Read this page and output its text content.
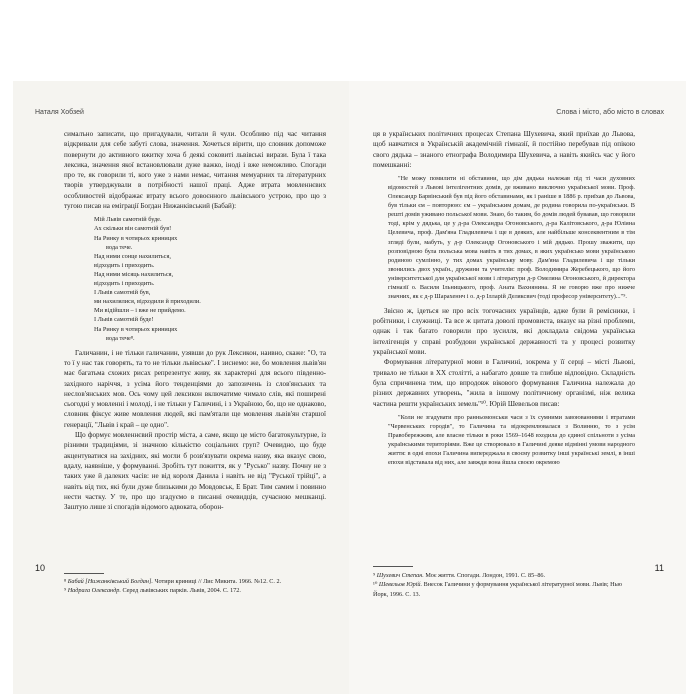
Наталя Хобзей	Слова і місто, або місто в словах

сималъно записати, що пригадували, читали й чули. Особливо під час читання відкривали для себе забуті слова, значення. Хочеться вірити, що словник допоможе повернути до активного вжитку хоча б деякі соковиті львівські вирази. Була ї така лексика, значення якої встановлювали дуже важко, іноді і вже неможливо. Спогади про те, як говорили ті, кого уже з нами немає, читання мемуарних та літературних творів утверджували в потрібності нашої праці. Адже втрата мовленнєвих особливостей відображає втрату всього довоєнного львівського устрою, про що з тугою писав на еміграції Богдан Нижанківський (Бабай):

Мій Львів самотній буде.
Ах скільки він самотній був!
На Ринку в чотирьох криницях
вода тече.
Над ними сонце нахилиться,
відходить і приходить.
Над ними місяць нахилиться,
відходить і приходить.
І Львів самотній був,
ми нахилялися, відходили й приходили.
Ми відійшли – і вже не прийдемо.
І Львів самотній буде!
На Ринку в чотирьох криницях
вода тече⁸.

Галичанин, і не тільки галичанин, узявши до рук Лексикон, наивно, скаже: "О, та то ї у нас так говорять, та то не тільки львівське". І зиснемо: же, бо мовлення львів'ян має багатьма схожих рисах репрезентує живу, як характерні для всього південно-західного наріччя, з усіма його тенденціями до запозичень із слов'янських та неслов'янських мов. Ось чому цей лексикон включатиме чимало слів, які поширені сьогодні у мовленні і молоді, і не тільки у Галичині, і з Україною, бо, що не однаково, словник фіксує живе мовлення людей, які пам'ятали ще мовлення львів'ян старшої генерації, "Львів і край – це одно".

Що формує мовленнєвий простір міста, а саме, якщо це місто багатокультурне, із різними традиціями, зі значною кількістю соціальних груп? Очевидно, що буде акцентуватися на західних, які могли б розв'язувати окрема назву, яка вказує свою, вдалу, наявніше, у формуванні. Зробіть тут пожиття, як у "Русько" назву. Почну не з таких уже й далеких часів: не від короля Данила і навіть не від "Руської трійці", а навіть від тих, які були дуже близькими до Мовдовськ, Е Брат. Тим самим і повинно нести частку. У те, про що згадуємо в писанні очевидців, сучасною мешканці. Заштую лише зі спогадів відомого адвоката, оборон-

ця в українських політичних процесах Степана Шухевича, який приїхав до Львова, щоб навчатися в Українській академічній гімназії, й постійно перебував під опікою свого дядька – знаного етнографа Володимира Шухевича, а навіть якийсь час у його помешканні:

"Не можу помилити ні обставини, що дім дядька належав під ті часи духовних відомостей з Львові інтелігентних домів, де вживано виключно української мови. Проф. Олександр Барвінський був під його обставинами, як і раніше в 1886 р. приїхав до Львова, був тільки єм – повторюю: єм – українським домам, де родина говорила по-українськи. В решті домів уживано польської мови. Знаю, бо таким, бо домів людей бувавав, що говорили тоді, крім у дядька, це у д-ра Олександра Огоновського, д-ра Калітовського, д-ра Юліяна Целевича, проф. Дам'яна Гладилевича і ще в деяких, але найбільше консеквентним в тім згляді були, мабуть, у д-р Олександр Огоновського і мій дядько. Прошу зважити, що розповідною була польська мова навіть в тих домах, в яких українсько мови українською родиною сумлінно, у тих домах українську мову. Дам'яна Гладилевича і ще тільки звонились двох україн., дружини та учителів: проф. Володимира Жеребецького, що його університетської для української мови і літератури д-р Омеляна Огоновського, й директора гімназії о. Василя Ільницького, проф. Аната Вахнянина. Я не говорю вже про нижче значних, як є д-р Шарахеннч і о. д-р Ілларій Деляксвич (тоді професор університету)..."⁹.

Звісно ж, ідеться не про всіх тогочасних українців, адже були й ремісники, і робітники, і служниці. Та все ж цитата доволі промовиста, вказує на різні проблеми, однак і так багато говорили про зусилля, які докладала свідома українська інтелігенція у справі розбудови української державності та у процесі розвитку української мови.

Формування літературної мови в Галичині, зокрема у її серці – місті Львові, тривало не тільки в XX столітті, а набагато довше та глибше відповідно. Складність була спричинена тим, що впродовж віковoго формування Галичина належала до різних державних утворень, "жила в іншому політичному організмі, ніж велика частина решти українських земель"¹⁰. Юрій Шевельов писав:

"Коли не згадувати про ранньомонськи часи з їх сумними завоюваннями і втратами "Червенських городів", то Галичина та відокремлювалася з Волинню, то з усім Правобережжям, але власне тільки в роки 1569–1648 входила до єдиної спільноти з усіма українськими територіями. Вже це створювало в Галичині деяке відмінні умови народного життя: в одні епохи Галичина випереджала в своєму розвитку інші українські землі, в інші епохи відставала від них, але завжди вона йшла своєю окремою
⁸ Бабай [Нижанківський Богдан]. Чотири криниці // Лис Микита. 1966. №12. С. 2.
⁹ Надрага Олександр. Серед львівських парків. Львів, 2004. С. 172.
⁹ Шухевич Степан. Моє життя. Спогади. Лондон, 1991. С. 85–86.
¹⁰ Шевельов Юрій. Внесок Галичини у формування української літературної мови. Львів; Нью Йорк, 1996. С. 13.
10	11
